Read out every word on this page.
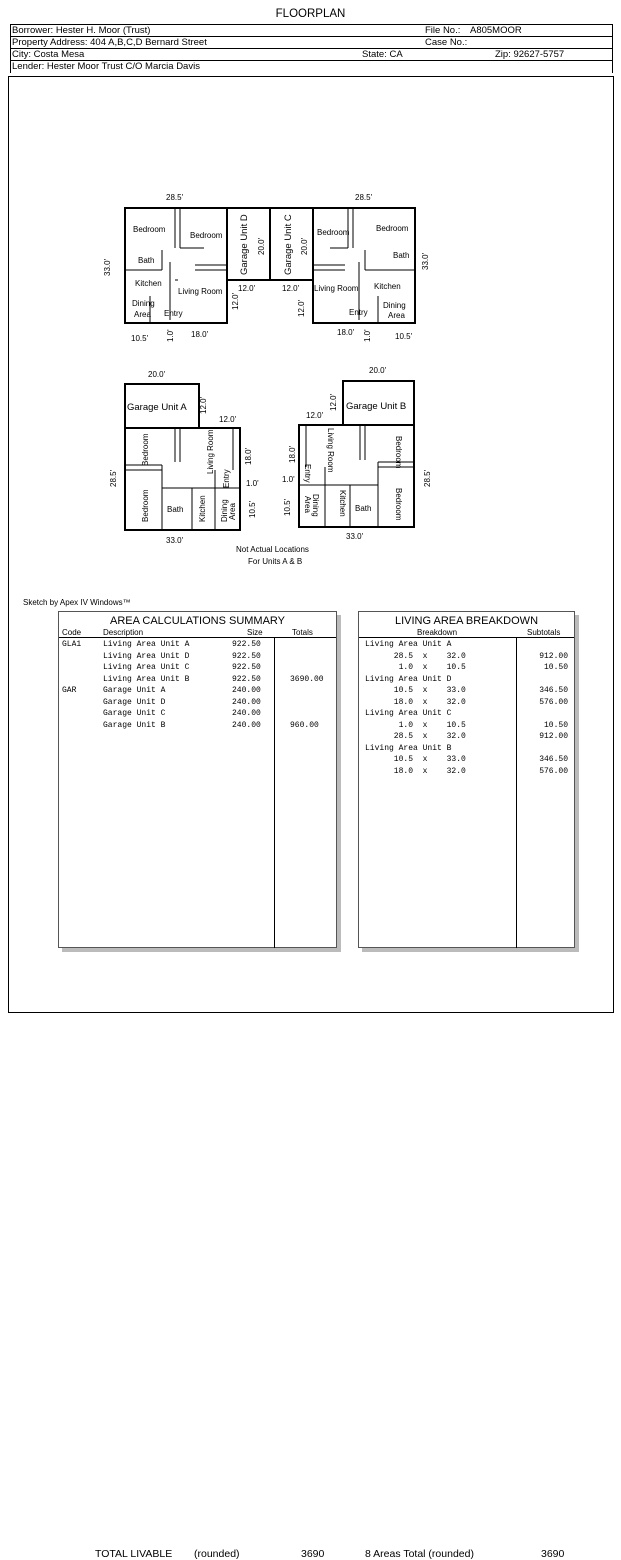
FLOORPLAN
Borrower: Hester H. Moor (Trust)	File No.: A805MOOR
Property Address: 404 A,B,C,D Bernard Street	Case No.:
City: Costa Mesa	State: CA	Zip: 92627-5757
Lender: Hester Moor Trust C/O Marcia Davis
28.5'
33.0'
10.5' 1.0' 18.0'
Bedroom
Bedroom
Bath
Kitchen
Living Room
Dining
Area Entry
Garage Unit D 20.0'
12.0'
12.0'
Garage Unit C 20.0'
12.0'
12.0'
28.5'
33.0'
18.0' 1.0'	10.5'
Bedroom	Bedroom
Bath
Kitchen
Living Room
Dining
Area
Entry
20.0'
Garage Unit A 12.0'
12.0'
28.5'
18.0'
1.0'
10.5'
33.0'
Bedroom
Bedroom Bath Kitchen
Living Room
Dining Area
Entry
20.0'
Garage Unit B
12.0'
12.0'
28.5'
18.0'
1.0'
10.5'
33.0'
Bedroom
Bedroom
Bath
Kitchen
Living Room
Dining
Area
Entry
Not Actual Locations
For Units A & B
Sketch by Apex IV Windows™
AREA CALCULATIONS SUMMARY
Code	Description	Size	Totals
GLA1	Living Area Unit A	922.50
Living Area Unit D	922.50
Living Area Unit C	922.50
Living Area Unit B	922.50	3690.00
GAR	Garage Unit A	240.00
Garage Unit D	240.00
Garage Unit C	240.00
Garage Unit B	240.00	960.00
TOTAL LIVABLE (rounded)	3690
LIVING AREA BREAKDOWN
Breakdown	Subtotals
Living Area Unit A
28.5  x    32.0	912.00
1.0  x    10.5	10.50
Living Area Unit D
10.5  x    33.0	346.50
18.0  x    32.0	576.00
Living Area Unit C
1.0  x    10.5	10.50
28.5  x    32.0	912.00
Living Area Unit B
10.5  x    33.0	346.50
18.0  x    32.0	576.00
8 Areas Total (rounded)	3690
